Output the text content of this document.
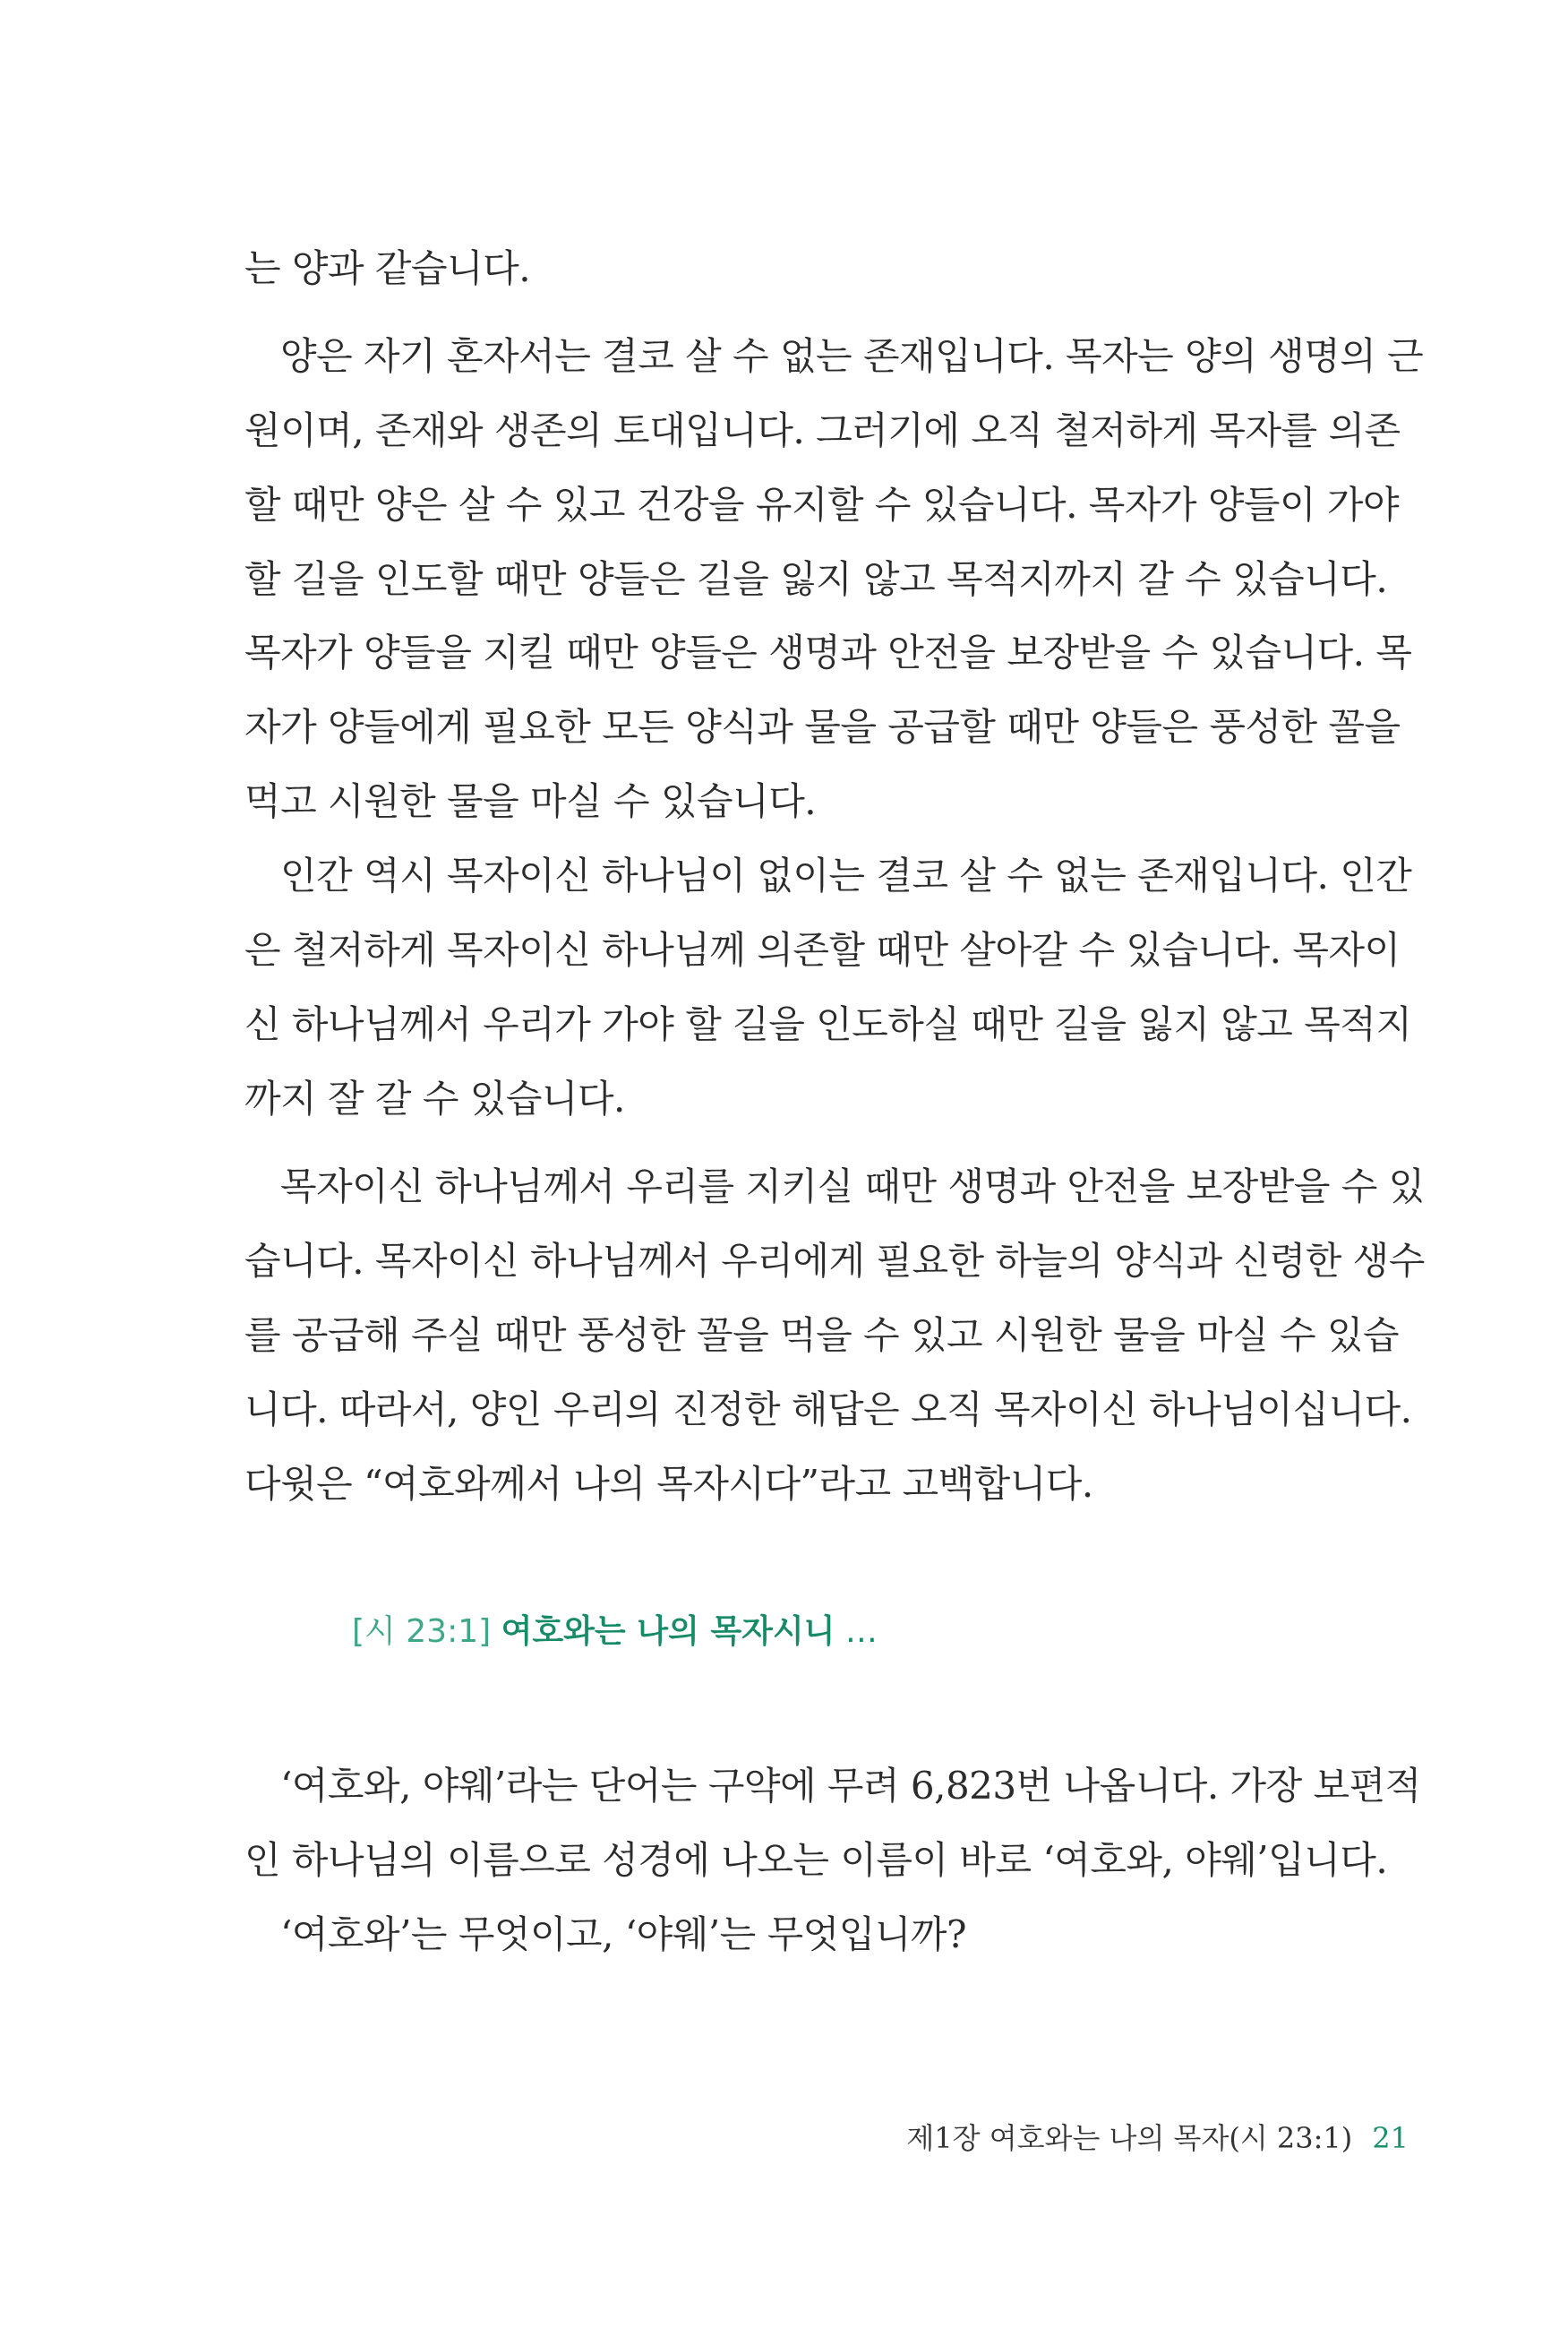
는 양과 같습니다.
양은 자기 혼자서는 결코 살 수 없는 존재입니다. 목자는 양의 생명의 근
원이며, 존재와 생존의 토대입니다. 그러기에 오직 철저하게 목자를 의존
할 때만 양은 살 수 있고 건강을 유지할 수 있습니다. 목자가 양들이 가야
할 길을 인도할 때만 양들은 길을 잃지 않고 목적지까지 갈 수 있습니다.
목자가 양들을 지킬 때만 양들은 생명과 안전을 보장받을 수 있습니다. 목
자가 양들에게 필요한 모든 양식과 물을 공급할 때만 양들은 풍성한 꼴을
먹고 시원한 물을 마실 수 있습니다.
인간 역시 목자이신 하나님이 없이는 결코 살 수 없는 존재입니다. 인간
은 철저하게 목자이신 하나님께 의존할 때만 살아갈 수 있습니다. 목자이
신 하나님께서 우리가 가야 할 길을 인도하실 때만 길을 잃지 않고 목적지
까지 잘 갈 수 있습니다.
목자이신 하나님께서 우리를 지키실 때만 생명과 안전을 보장받을 수 있
습니다. 목자이신 하나님께서 우리에게 필요한 하늘의 양식과 신령한 생수
를 공급해 주실 때만 풍성한 꼴을 먹을 수 있고 시원한 물을 마실 수 있습
니다. 따라서, 양인 우리의 진정한 해답은 오직 목자이신 하나님이십니다.
다윗은 “여호와께서 나의 목자시다”라고 고백합니다.
[시 23:1] 여호와는 나의 목자시니 …
‘여호와, 야웨’라는 단어는 구약에 무려 6,823번 나옵니다. 가장 보편적
인 하나님의 이름으로 성경에 나오는 이름이 바로 ‘여호와, 야웨’입니다.
‘여호와’는 무엇이고, ‘야웨’는 무엇입니까?
제1장 여호와는 나의 목자(시 23:1) 21
